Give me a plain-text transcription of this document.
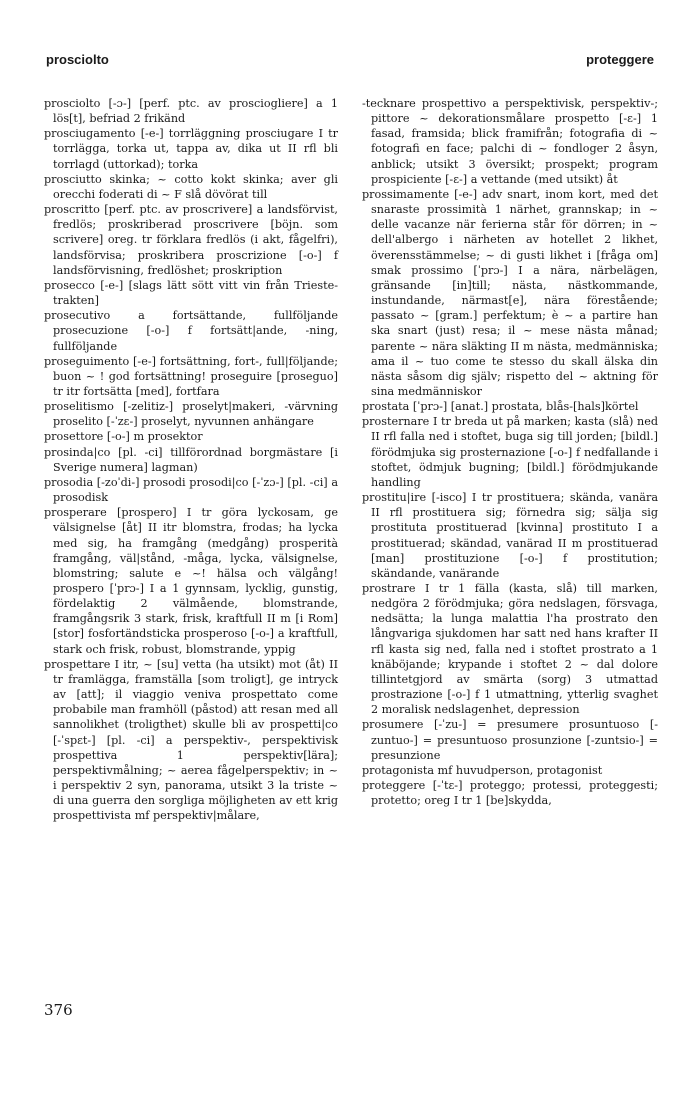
prosciolto	proteggere

prosciolto [-ɔ-] [perf. ptc. av prosciogliere] a 1 lös[t], befriad 2 frikänd

prosciugamento [-e-] torrläggning prosciugare I tr torrlägga, torka ut, tappa av, dika ut II rfl bli torrlagd (uttorkad); torka

prosciutto skinka; ~ cotto kokt skinka; aver gli orecchi foderati di ~ F slå dövörat till

proscritto [perf. ptc. av proscrivere] a landsförvist, fredlös; proskriberad proscrivere [böjn. som scrivere] oreg. tr förklara fredlös (i akt, fågelfri), landsförvisa; proskribera proscrizione [-o-] f landsförvisning, fredlöshet; proskription

prosecco [-e-] [slags lätt sött vitt vin från Trieste-trakten]

prosecutivo a fortsättande, fullföljande prosecuzione [-o-] f fortsätt|ande, -ning, fullföljande

proseguimento [-e-] fortsättning, fort-, full|följande; buon ~ ! god fortsättning! proseguire [proseguo] tr itr fortsätta [med], fortfara

proselitismo [-zelitiz-] proselyt|makeri, -värvning proselito [-ˈzɛ-] proselyt, nyvunnen anhängare

prosettore [-o-] m prosektor

prosinda|co [pl. -ci] tillförordnad borgmästare [i Sverige numera] lagman)

prosodia [-zoˈdi-] prosodi prosodi|co [-ˈzɔ-] [pl. -ci] a prosodisk

prosperare [prospero] I tr göra lyckosam, ge välsignelse [åt] II itr blomstra, frodas; ha lycka med sig, ha framgång (medgång) prosperità framgång, väl|stånd, -måga, lycka, välsignelse, blomstring; salute e ~! hälsa och välgång! prospero [ˈprɔ-] I a 1 gynnsam, lycklig, gunstig, fördelaktig 2 välmående, blomstrande, framgångsrik 3 stark, frisk, kraftfull II m [i Rom] [stor] fosfortändsticka prosperoso [-o-] a kraftfull, stark och frisk, robust, blomstrande, yppig

prospettare I itr, ~ [su] vetta (ha utsikt) mot (åt) II tr framlägga, framställa [som troligt], ge intryck av [att]; il viaggio veniva prospettato come probabile man framhöll (påstod) att resan med all sannolikhet (troligthet) skulle bli av prospetti|co [-ˈspɛt-] [pl. -ci] a perspektiv-, perspektivisk prospettiva 1 perspektiv[lära]; perspektivmålning; ~ aerea fågelperspektiv; in ~ i perspektiv 2 syn, panorama, utsikt 3 la triste ~ di una guerra den sorgliga möjligheten av ett krig prospettivista mf perspektiv|målare,

-tecknare prospettivo a perspektivisk, perspektiv-; pittore ~ dekorationsmålare prospetto [-ɛ-] 1 fasad, framsida; blick framifrån; fotografia di ~ fotografi en face; palchi di ~ fondloger 2 åsyn, anblick; utsikt 3 översikt; prospekt; program prospiciente [-ɛ-] a vettande (med utsikt) åt

prossimamente [-e-] adv snart, inom kort, med det snaraste prossimità 1 närhet, grannskap; in ~ delle vacanze när ferierna står för dörren; in ~ dell'albergo i närheten av hotellet 2 likhet, överensstämmelse; ~ di gusti likhet i [fråga om] smak prossimo [ˈprɔ-] I a nära, närbelägen, gränsande [in]till; nästa, nästkommande, instundande, närmast[e], nära förestående; passato ~ [gram.] perfektum; è ~ a partire han ska snart (just) resa; il ~ mese nästa månad; parente ~ nära släkting II m nästa, medmänniska; ama il ~ tuo come te stesso du skall älska din nästa såsom dig själv; rispetto del ~ aktning för sina medmänniskor

prostata [ˈprɔ-] [anat.] prostata, blås-[hals]körtel

prosternare I tr breda ut på marken; kasta (slå) ned II rfl falla ned i stoftet, buga sig till jorden; [bildl.] förödmjuka sig prosternazione [-o-] f nedfallande i stoftet, ödmjuk bugning; [bildl.] förödmjukande handling

prostitu|ire [-isco] I tr prostituera; skända, vanära II rfl prostituera sig; förnedra sig; sälja sig prostituta prostituerad [kvinna] prostituto I a prostituerad; skändad, vanärad II m prostituerad [man] prostituzione [-o-] f prostitution; skändande, vanärande

prostrare I tr 1 fälla (kasta, slå) till marken, nedgöra 2 förödmjuka; göra nedslagen, försvaga, nedsätta; la lunga malattia l'ha prostrato den långvariga sjukdomen har satt ned hans krafter II rfl kasta sig ned, falla ned i stoftet prostrato a 1 knäböjande; krypande i stoftet 2 ~ dal dolore tillintetgjord av smärta (sorg) 3 utmattad prostrazione [-o-] f 1 utmattning, ytterlig svaghet 2 moralisk nedslagenhet, depression

prosumere [-ˈzu-] = presumere prosuntuoso [-zuntuo-] = presuntuoso prosunzione [-zuntsio-] = presunzione

protagonista mf huvudperson, protagonist

proteggere [-ˈtɛ-] proteggo; protessi, proteggesti; protetto; oreg I tr 1 [be]skydda,

376
